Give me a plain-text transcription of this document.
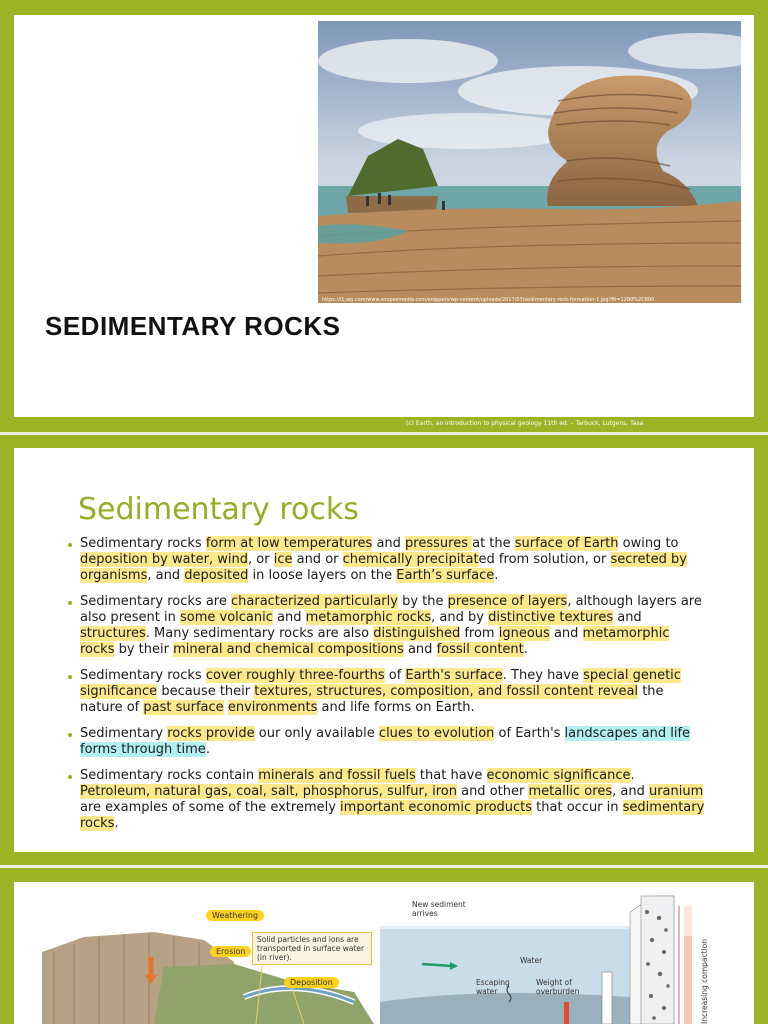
https://i1.wp.com/www.snopesmedia.com/snippets/wp-content/uploads/2017/07/sedimentary-rock-formation-1.jpg?fit=1200%2C800
SEDIMENTARY ROCKS
(c) Earth, an introduction to physical geology 11th ed. – Tarbuck, Lutgens, Tasa
Sedimentary rocks
Sedimentary rocks form at low temperatures and pressures at the surface of Earth owing to deposition by water, wind, or ice and or chemically precipitated from solution, or secreted by organisms, and deposited in loose layers on the Earth’s surface.
Sedimentary rocks are characterized particularly by the presence of layers, although layers are also present in some volcanic and metamorphic rocks, and by distinctive textures and structures. Many sedimentary rocks are also distinguished from igneous and metamorphic rocks by their mineral and chemical compositions and fossil content.
Sedimentary rocks cover roughly three-fourths of Earth's surface. They have special genetic significance because their textures, structures, composition, and fossil content reveal the nature of past surface environments and life forms on Earth.
Sedimentary rocks provide our only available clues to evolution of Earth's landscapes and life forms through time.
Sedimentary rocks contain minerals and fossil fuels that have economic significance. Petroleum, natural gas, coal, salt, phosphorus, sulfur, iron and other metallic ores, and uranium are examples of some of the extremely important economic products that occur in sedimentary rocks.
Weathering
Erosion
Solid particles and ions are transported in surface water (in river).
Deposition
New sediment arrives
Water
Escaping water
Weight of overburden	Increasing compaction
